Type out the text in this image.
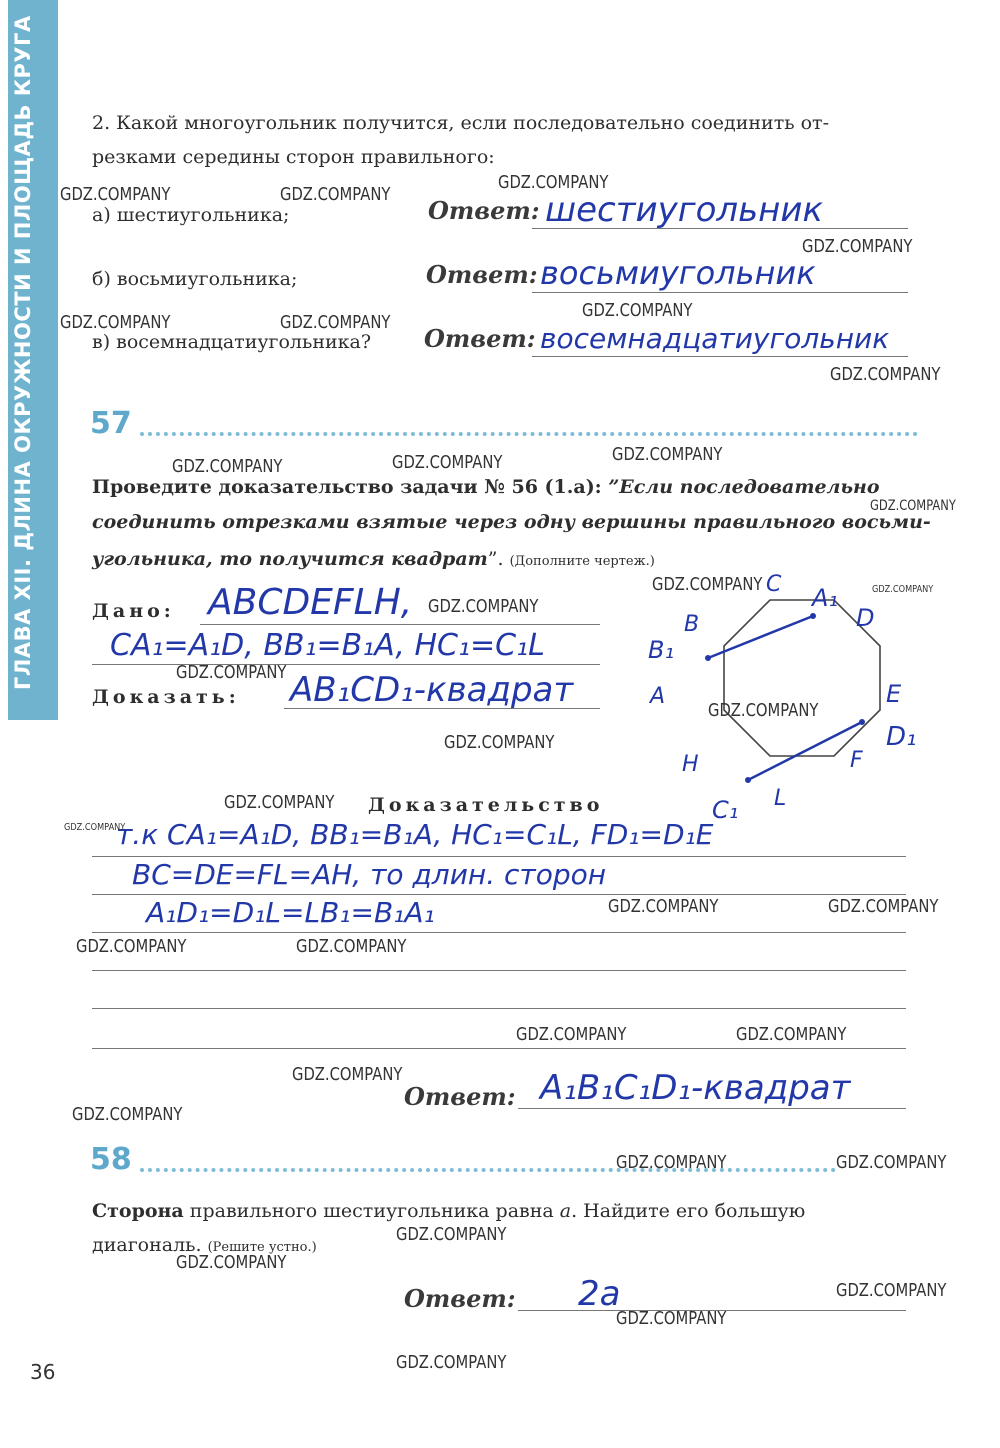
ГЛАВА XII. ДЛИНА ОКРУЖНОСТИ И ПЛОЩАДЬ КРУГА	2. Какой многоугольник получится, если последовательно соединить от-
резками середины сторон правильного:
а) шестиугольника;	Ответ: шестиугольник
б) восьмиугольника;	Ответ: восьмиугольник
в) восемнадцатиугольника? Ответ: восемнадцатиугольник
57
Проведите доказательство задачи № 56 (1.а): ”Если последовательно
соединить отрезками взятые через одну вершины правильного восьми-
угольника, то получится квадрат”. (Дополните чертеж.)
Дано: ABCDEFLH,
CA₁=A₁D, BB₁=B₁A, HC₁=C₁L
Доказать: AB₁CD₁-квадрат
C A₁
D
B
B₁
A	E
D₁
H	F
C₁ L
Доказательство
т.к CA₁=A₁D, BB₁=B₁A, HC₁=C₁L, FD₁=D₁E
BC=DE=FL=AH, то длин. сторон
A₁D₁=D₁L=LB₁=B₁A₁
Ответ: A₁B₁C₁D₁-квадрат
58
Сторона правильного шестиугольника равна a. Найдите его большую
диагональ. (Решите устно.)
Ответ: 2a
36
GDZ.COMPANY	GDZ.COMPANY
GDZ.COMPANY
GDZ.COMPANY
GDZ.COMPANY	GDZ.COMPANY
GDZ.COMPANY
GDZ.COMPANY
GDZ.COMPANY	GDZ.COMPANY	GDZ.COMPANY
GDZ.COMPANY
GDZ.COMPANY	GDZ.COMPANY
GDZ.COMPANY
GDZ.COMPANY
GDZ.COMPANY
GDZ.COMPANY
GDZ.COMPANY
GDZ.COMPANY
GDZ.COMPANY	GDZ.COMPANY
GDZ.COMPANY	GDZ.COMPANY
GDZ.COMPANY	GDZ.COMPANY
GDZ.COMPANY
GDZ.COMPANY
GDZ.COMPANY	GDZ.COMPANY
GDZ.COMPANY
GDZ.COMPANY
GDZ.COMPANY
GDZ.COMPANY
GDZ.COMPANY
